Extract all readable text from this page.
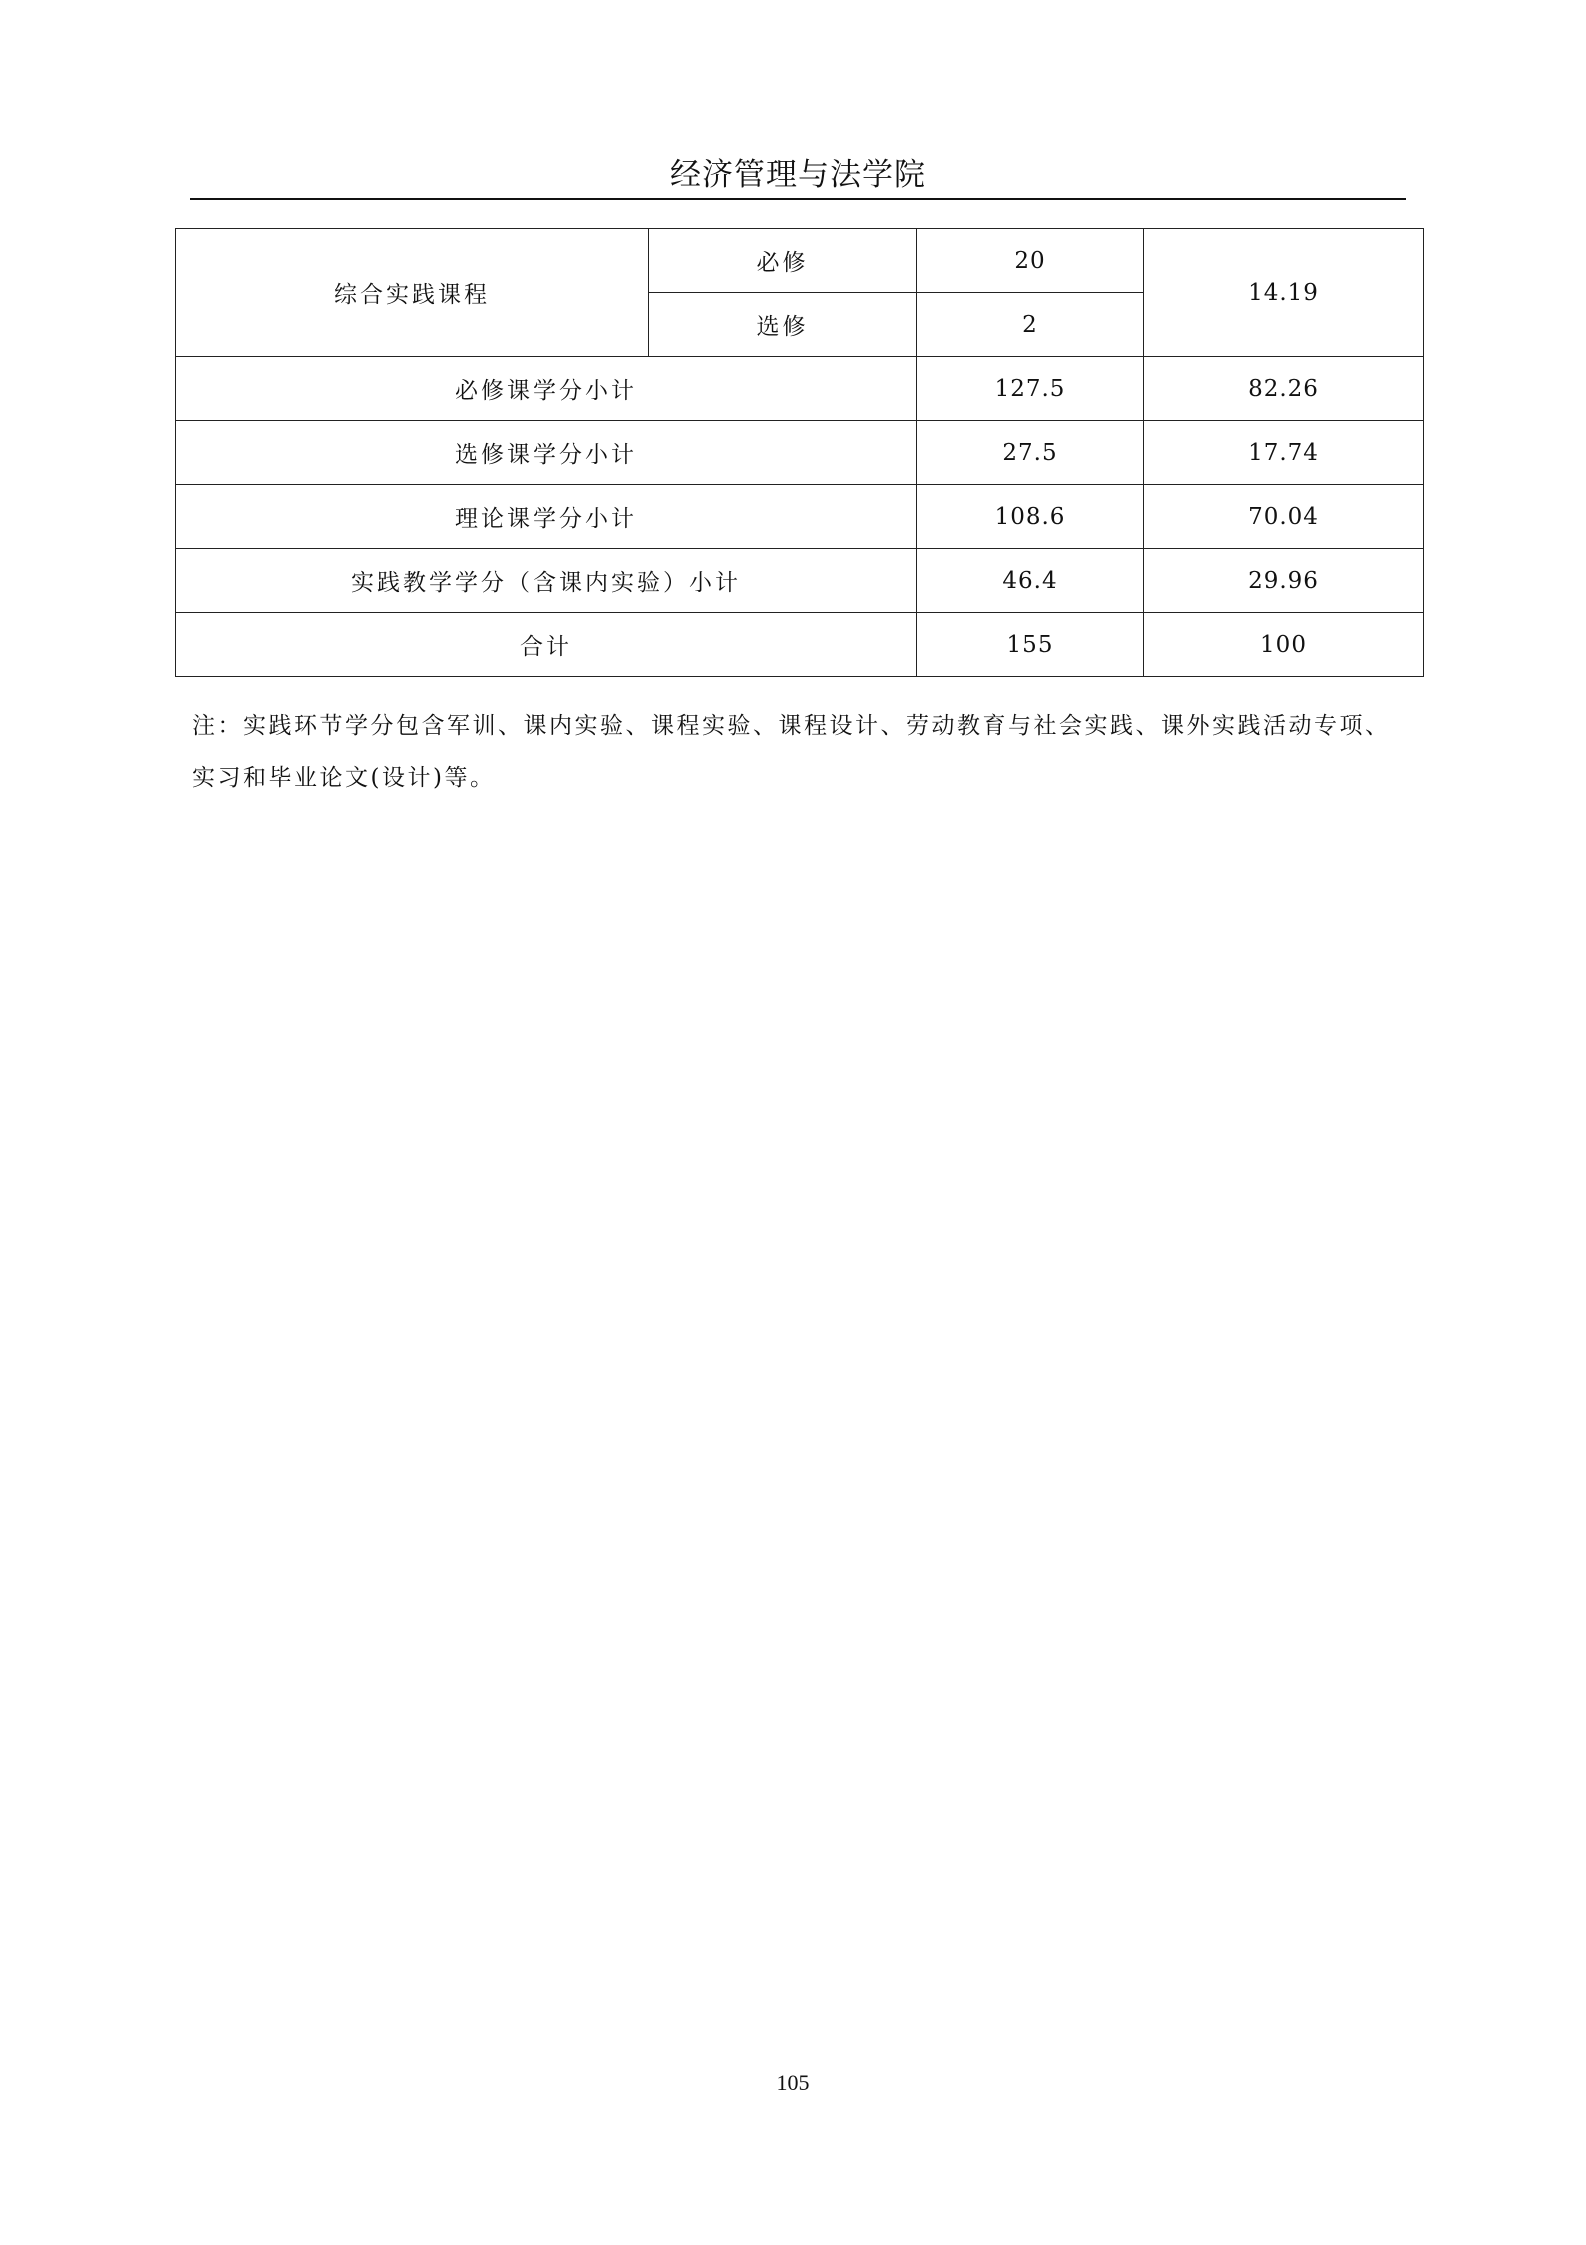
经济管理与法学院
综合实践课程	必修	20	14.19
	选修	2	
必修课学分小计		127.5	82.26
选修课学分小计		27.5	17.74
理论课学分小计		108.6	70.04
实践教学学分（含课内实验）小计		46.4	29.96
合计		155	100
注：实践环节学分包含军训、课内实验、课程实验、课程设计、劳动教育与社会实践、课外实践活动专项、实习和毕业论文(设计)等。
105
